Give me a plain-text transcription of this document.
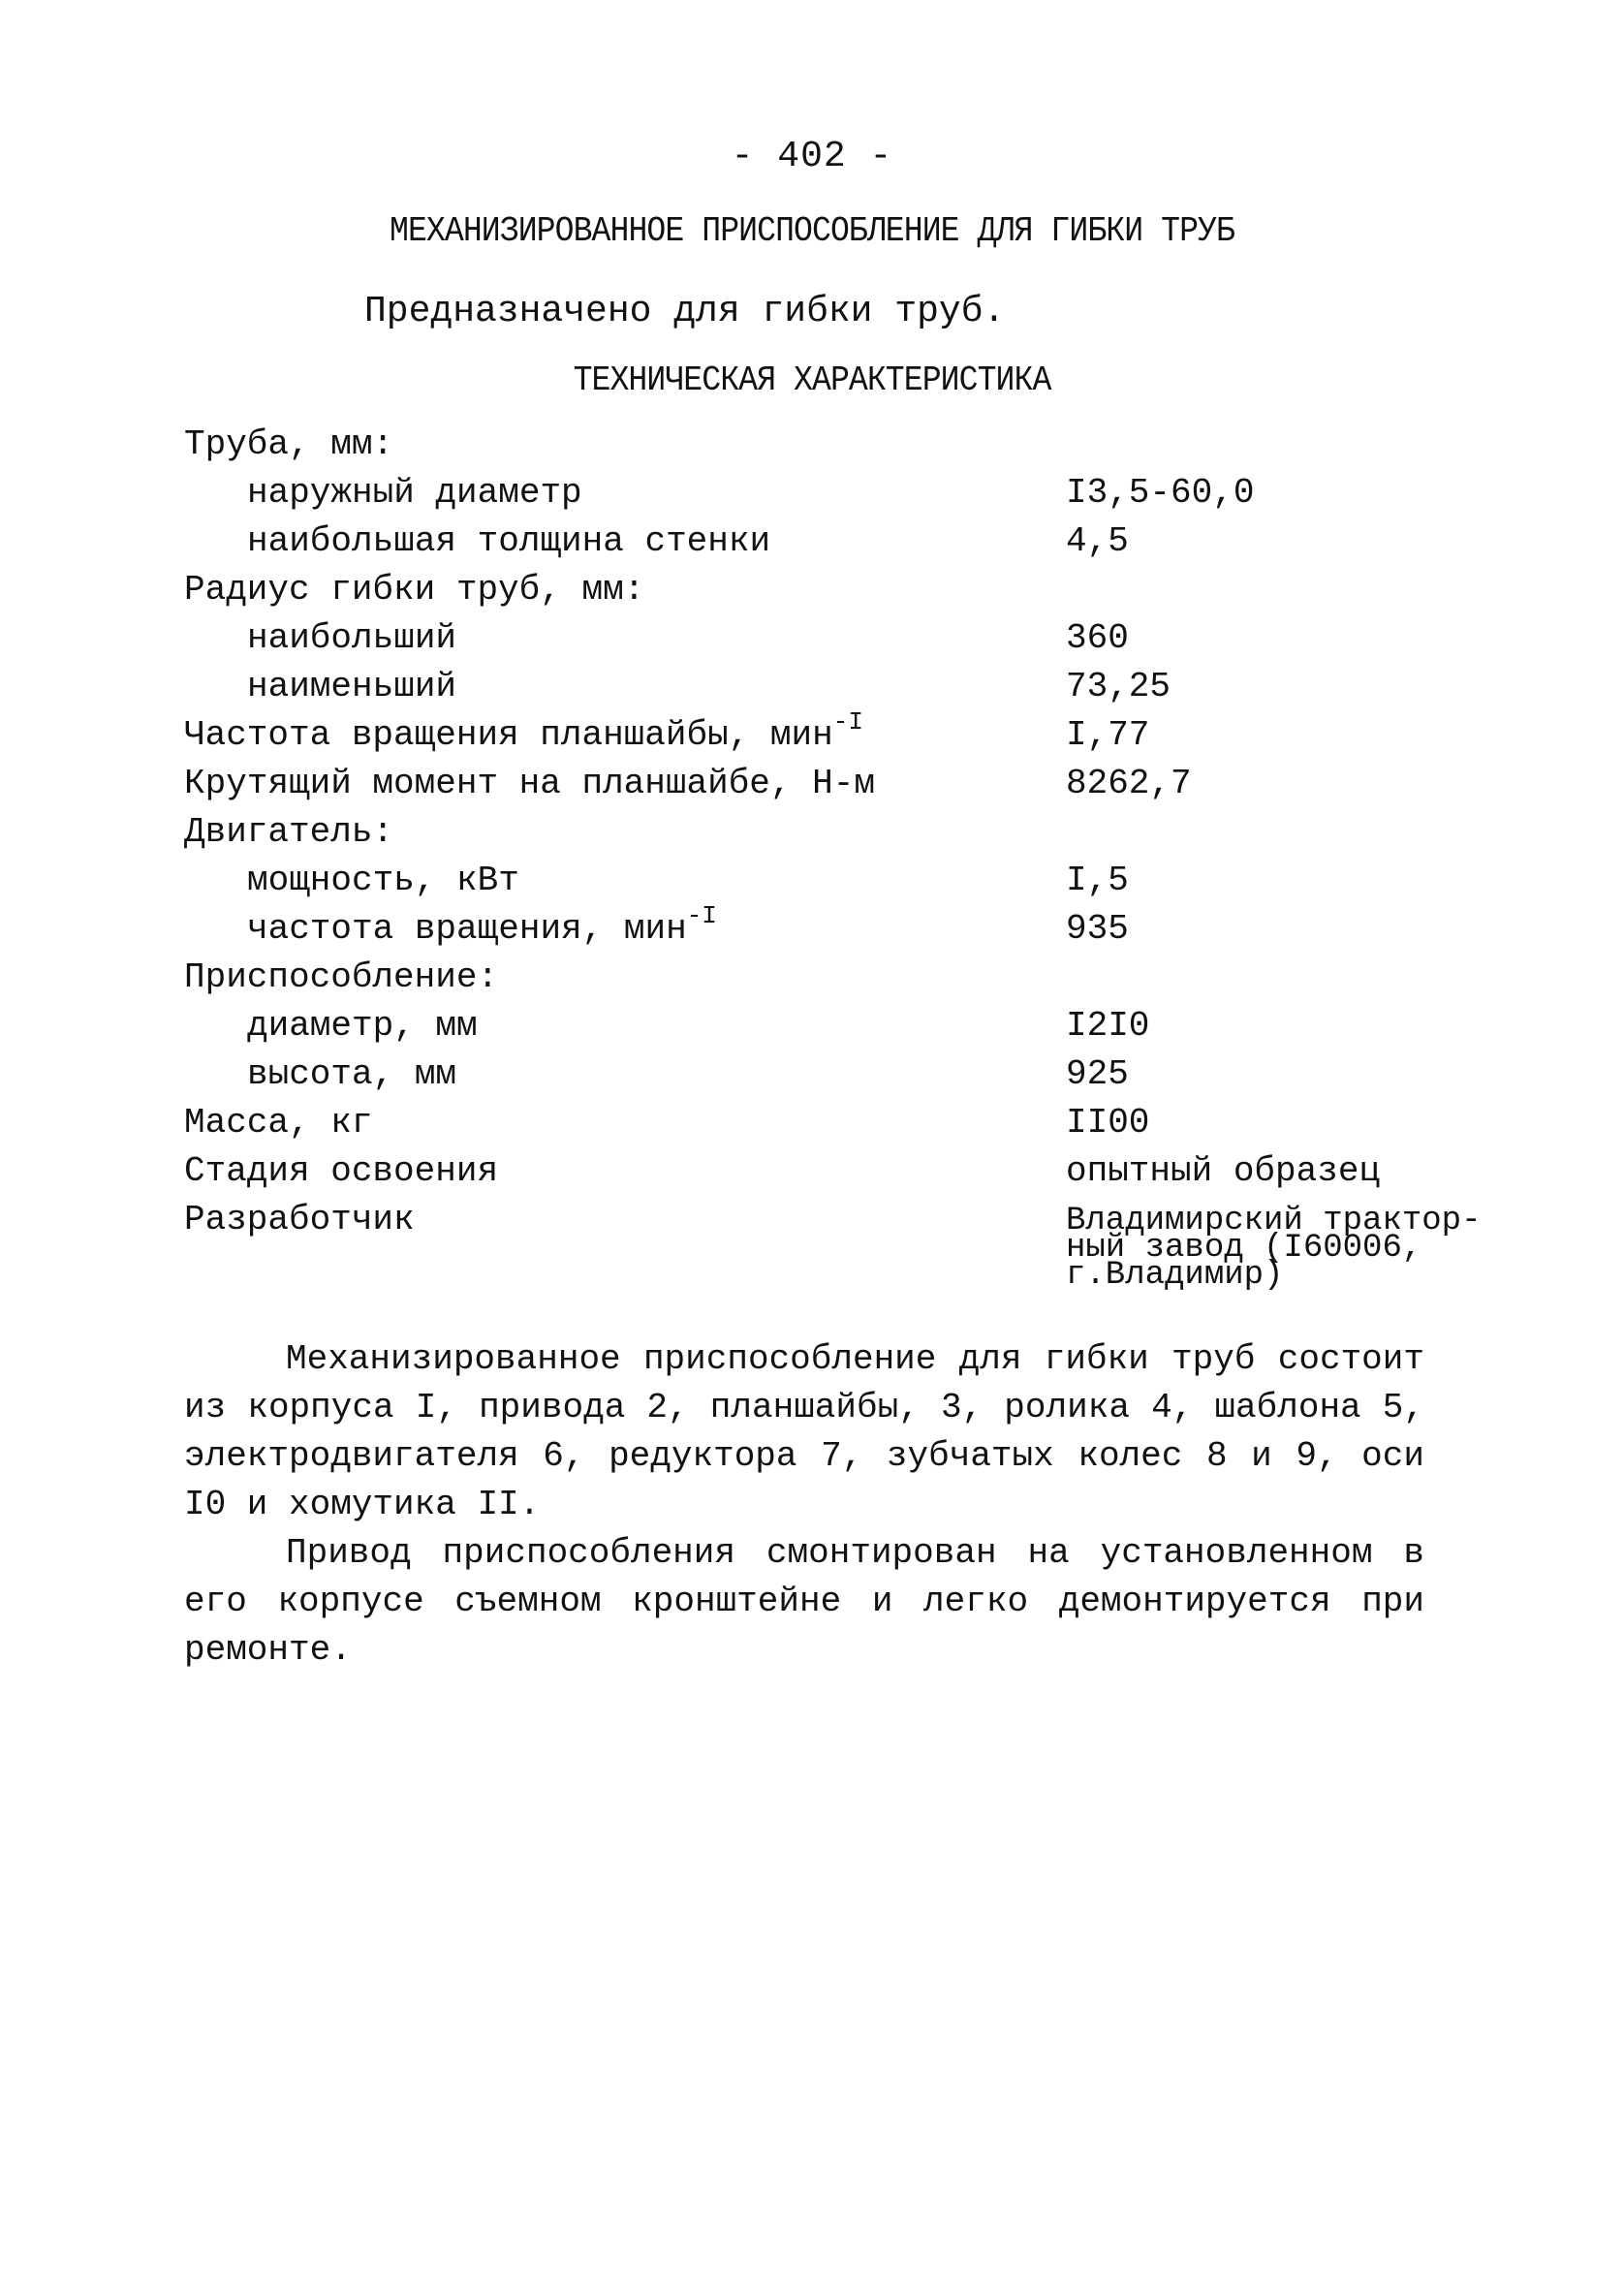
- 402 -
МЕХАНИЗИРОВАННОЕ ПРИСПОСОБЛЕНИЕ ДЛЯ ГИБКИ ТРУБ
Предназначено для гибки труб.
ТЕХНИЧЕСКАЯ ХАРАКТЕРИСТИКА
Труба, мм:
наружный диаметр	I3,5-60,0
наибольшая толщина стенки	4,5
Радиус гибки труб, мм:
наибольший	360
наименьший	73,25
Частота вращения планшайбы, мин$^{-I}$	I,77
Крутящий момент на планшайбе, Н-м	8262,7
Двигатель:
мощность, кВт	I,5
частота вращения, мин$^{-I}$	935
Приспособление:
диаметр, мм	I2I0
высота, мм	925
Масса, кг	II00
Стадия освоения	опытный образец
Разработчик	Владимирский трактор-
ный завод (I60006,
г.Владимир)

Механизированное приспособление для гибки труб состоит из корпуса I, привода 2, планшайбы, 3, ролика 4, шаблона 5, электродвигателя 6, редуктора 7, зубчатых колес 8 и 9, оси I0 и хомутика II.

Привод приспособления смонтирован на установленном в его корпусе съемном кронштейне и легко демонтируется при ремонте.
